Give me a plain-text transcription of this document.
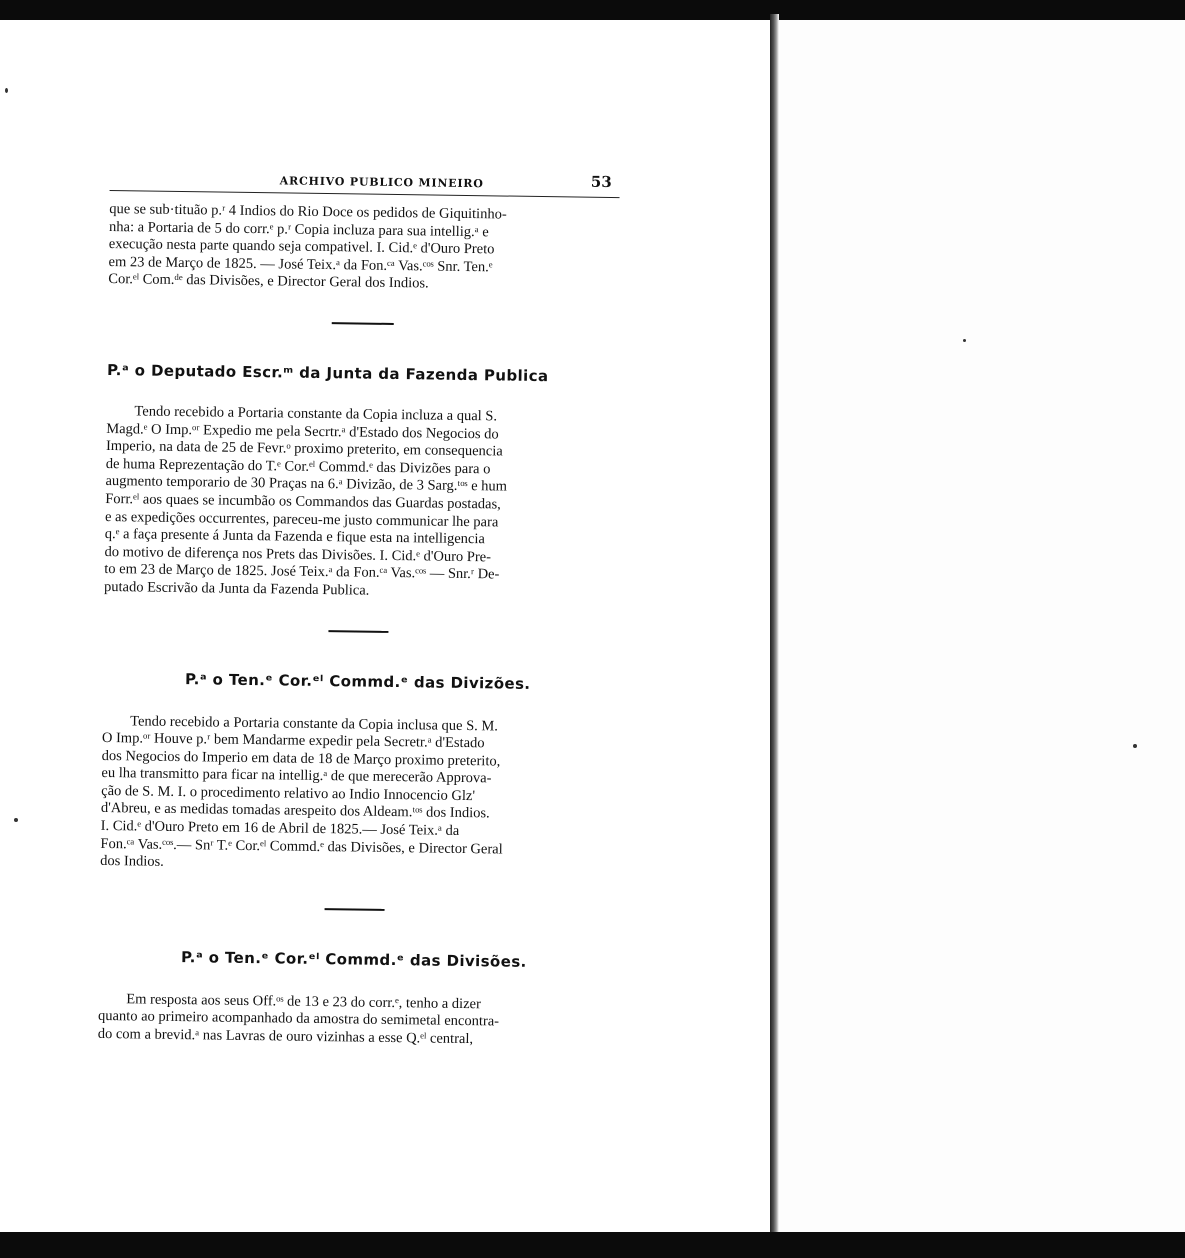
ARCHIVO PUBLICO MINEIRO	53

que se sub·tituão p.ʳ 4 Indios do Rio Doce os pedidos de Giquitinho-
nha: a Portaria de 5 do corr.ᵉ p.ʳ Copia incluza para sua intellig.ᵃ e
execução nesta parte quando seja compativel. I. Cid.ᵉ d'Ouro Preto
em 23 de Março de 1825. — José Teix.ᵃ da Fon.ᶜᵃ Vas.ᶜᵒˢ Snr. Ten.ᵉ
Cor.ᵉˡ Com.ᵈᵉ das Divisões, e Director Geral dos Indios.

P.ᵃ o Deputado Escr.ᵐ da Junta da Fazenda Publica

Tendo recebido a Portaria constante da Copia incluza a qual S.
Magd.ᵉ O Imp.ᵒʳ Expedio me pela Secrtr.ᵃ d'Estado dos Negocios do
Imperio, na data de 25 de Fevr.ᵒ proximo preterito, em consequencia
de huma Reprezentação do T.ᵉ Cor.ᵉˡ Commd.ᵉ das Divizões para o
augmento temporario de 30 Praças na 6.ᵃ Divizão, de 3 Sarg.ᵗᵒˢ e hum
Forr.ᵉˡ aos quaes se incumbão os Commandos das Guardas postadas,
e as expedições occurrentes, pareceu-me justo communicar lhe para
q.ᵉ a faça presente á Junta da Fazenda e fique esta na intelligencia
do motivo de diferença nos Prets das Divisões. I. Cid.ᵉ d'Ouro Pre-
to em 23 de Março de 1825. José Teix.ᵃ da Fon.ᶜᵃ Vas.ᶜᵒˢ — Snr.ʳ De-
putado Escrivão da Junta da Fazenda Publica.

P.ᵃ o Ten.ᵉ Cor.ᵉˡ Commd.ᵉ das Divizões.

Tendo recebido a Portaria constante da Copia inclusa que S. M.
O Imp.ᵒʳ Houve p.ʳ bem Mandarme expedir pela Secretr.ᵃ d'Estado
dos Negocios do Imperio em data de 18 de Março proximo preterito,
eu lha transmitto para ficar na intellig.ᵃ de que merecerão Approva-
ção de S. M. I. o procedimento relativo ao Indio Innocencio Glz'
d'Abreu, e as medidas tomadas arespeito dos Aldeam.ᵗᵒˢ dos Indios.
I. Cid.ᵉ d'Ouro Preto em 16 de Abril de 1825.— José Teix.ᵃ da
Fon.ᶜᵃ Vas.ᶜᵒˢ.— Snʳ T.ᵉ Cor.ᵉˡ Commd.ᵉ das Divisões, e Director Geral
dos Indios.

P.ᵃ o Ten.ᵉ Cor.ᵉˡ Commd.ᵉ das Divisões.

Em resposta aos seus Off.ᵒˢ de 13 e 23 do corr.ᵉ, tenho a dizer
quanto ao primeiro acompanhado da amostra do semimetal encontra-
do com a brevid.ᵃ nas Lavras de ouro vizinhas a esse Q.ᵉˡ central,
